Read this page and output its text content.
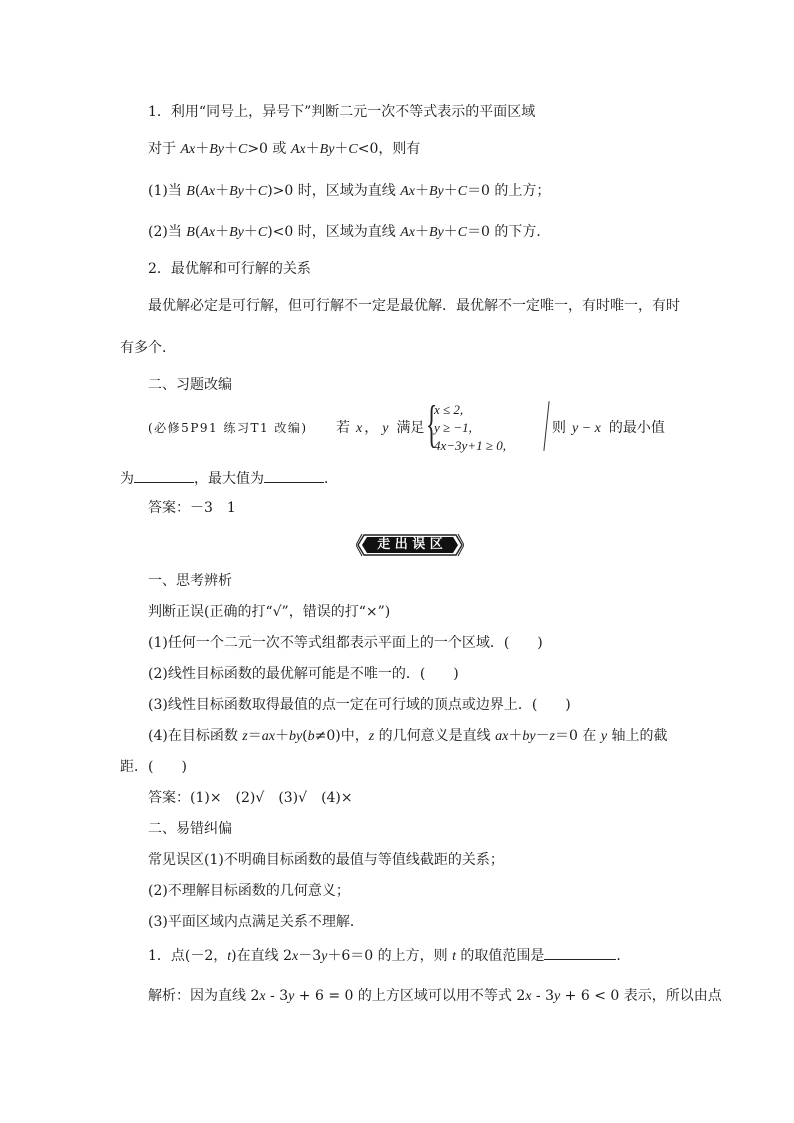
1．利用“同号上，异号下”判断二元一次不等式表示的平面区域
对于 Ax＋By＋C>0 或 Ax＋By＋C<0，则有
(1)当 B(Ax＋By＋C)>0 时，区域为直线 Ax＋By＋C＝0 的上方；
(2)当 B(Ax＋By＋C)<0 时，区域为直线 Ax＋By＋C＝0 的下方．
2．最优解和可行解的关系
最优解必定是可行解，但可行解不一定是最优解．最优解不一定唯一，有时唯一，有时
有多个．
二、习题改编
(必修5P91 练习T1 改编) 若 x ， y 满足 {
x ≤ 2,
y ≥ −1,
4x−3y+1 ≥ 0,
则 y − x 的最小值
为	，最大值为	．
答案：－3　1
走 出 误 区
一、思考辨析
判断正误(正确的打“√”，错误的打“×”)
(1)任何一个二元一次不等式组都表示平面上的一个区域．(　　)
(2)线性目标函数的最优解可能是不唯一的．(　　)
(3)线性目标函数取得最值的点一定在可行域的顶点或边界上．(　　)
(4)在目标函数 z＝ax＋by(b≠0)中，z 的几何意义是直线 ax＋by－z＝0 在 y 轴上的截
距．(　　)
答案：(1)×　(2)√　(3)√　(4)×
二、易错纠偏
常见误区(1)不明确目标函数的最值与等值线截距的关系；
(2)不理解目标函数的几何意义；
(3)平面区域内点满足关系不理解．
1．点(－2，t)在直线 2x－3y＋6＝0 的上方，则 t 的取值范围是	．
解析：因为直线 2x - 3y + 6 = 0 的上方区域可以用不等式 2x - 3y + 6 < 0 表示，所以由点
